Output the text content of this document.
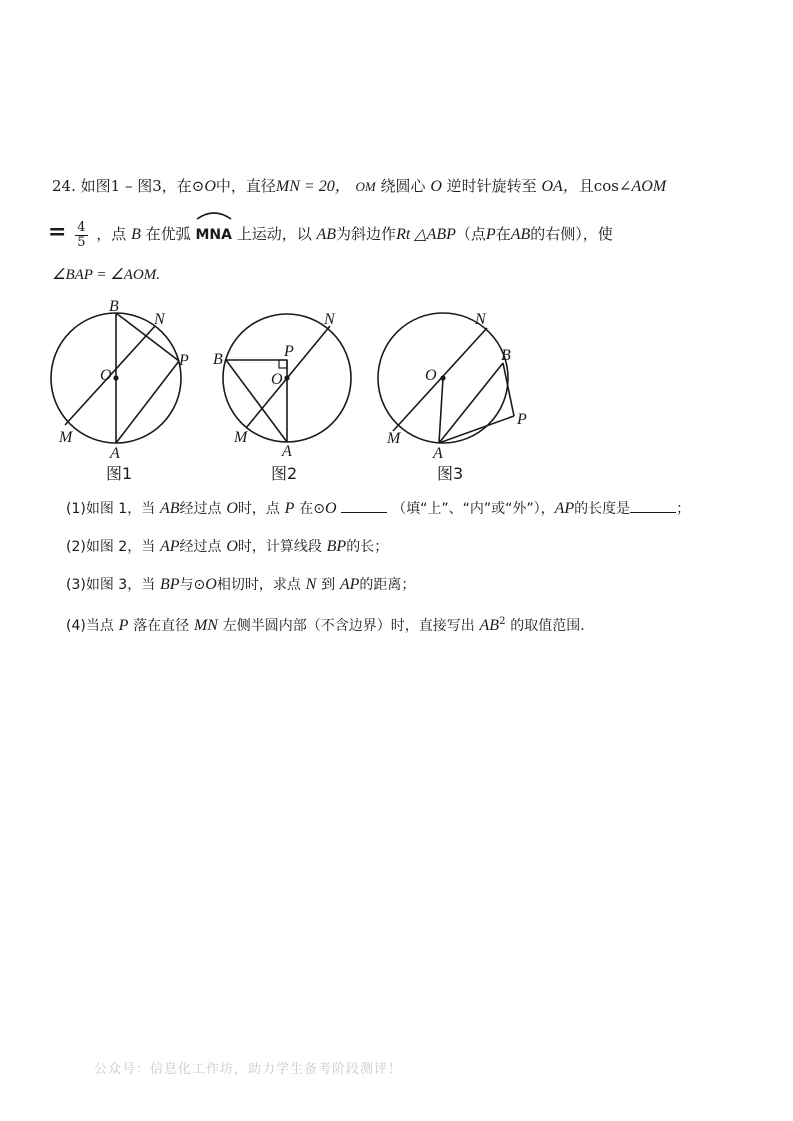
24. 如图1 – 图3，在⊙O中，直径MN = 20， OM 绕圆心 O 逆时针旋转至 OA，且cos∠AOM
= $\frac{4}{5}$ ，点 B 在优弧 MNA 上运动，以 AB为斜边作Rt △ABP（点P在AB的右侧），使
∠BAP = ∠AOM.
B
N
P
O
M
A
B	P
N
O
M
A
B
N
P
O
M
A
图1	图2	图3
(1)如图 1，当 AB经过点 O时，点 P 在⊙O	（填“上”、“内”或“外”），AP的长度是	；
(2)如图 2，当 AP经过点 O时，计算线段 BP的长；
(3)如图 3，当 BP与⊙O相切时，求点 N 到 AP的距离；
(4)当点 P 落在直径 MN 左侧半圆内部（不含边界）时，直接写出 $AB^2$ 的取值范围.
公众号：信息化工作坊，助力学生备考阶段测评！
